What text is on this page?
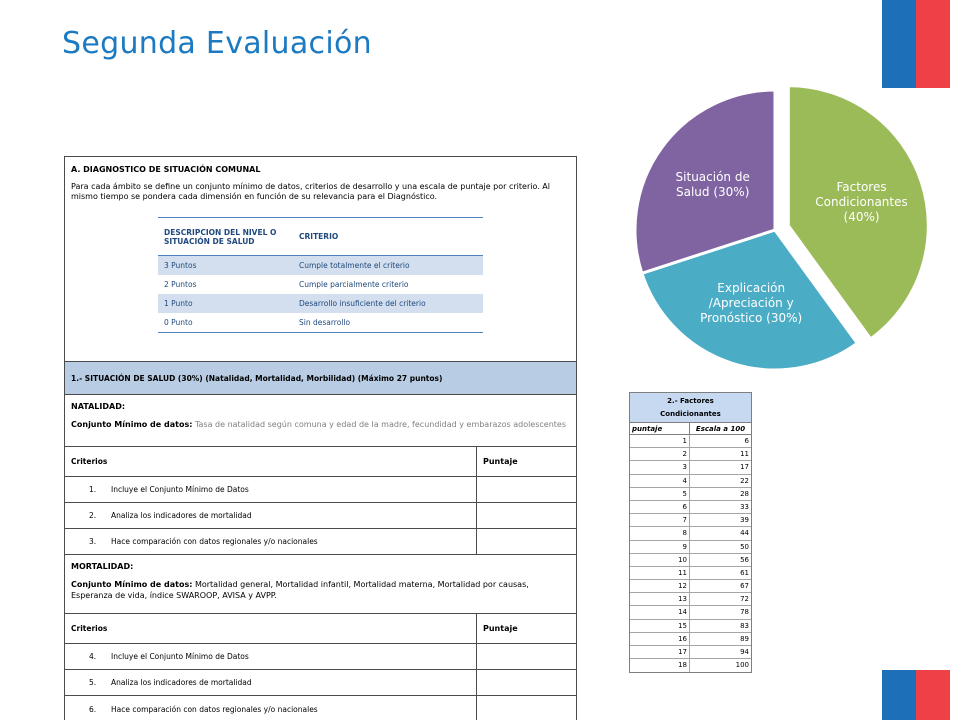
Segunda Evaluación
A. DIAGNOSTICO DE SITUACIÓN COMUNAL
Para cada ámbito se define un conjunto mínimo de datos, criterios de desarrollo y una escala de puntaje por criterio. Al mismo tiempo se pondera cada dimensión en función de su relevancia para el Diagnóstico.
DESCRIPCION DEL NIVEL O SITUACIÓN DE SALUD	CRITERIO
3 Puntos	Cumple totalmente el criterio
2 Puntos	Cumple parcialmente criterio
1 Punto	Desarrollo insuficiente del criterio
0 Punto	Sin desarrollo
1.- SITUACIÓN DE SALUD (30%) (Natalidad, Mortalidad, Morbilidad) (Máximo 27 puntos)
NATALIDAD:
Conjunto Mínimo de datos: Tasa de natalidad según comuna y edad de la madre, fecundidad y embarazos adolescentes
Criterios	Puntaje
1.	Incluye el Conjunto Mínimo de Datos
2.	Analiza los indicadores de mortalidad
3.	Hace comparación con datos regionales y/o nacionales
MORTALIDAD:
Conjunto Mínimo de datos: Mortalidad general, Mortalidad infantil, Mortalidad materna, Mortalidad por causas, Esperanza de vida, índice SWAROOP, AVISA y AVPP.
Criterios	Puntaje
4.	Incluye el Conjunto Mínimo de Datos
5.	Analiza los indicadores de mortalidad
6.	Hace comparación con datos regionales y/o nacionales
Factores Condicionantes (40%)
Explicación /Apreciación y Pronóstico (30%)
Situación de Salud (30%)
2.- Factores
Condicionantes
puntaje	Escala a 100
1	6
2	11
3	17
4	22
5	28
6	33
7	39
8	44
9	50
10	56
11	61
12	67
13	72
14	78
15	83
16	89
17	94
18	100
